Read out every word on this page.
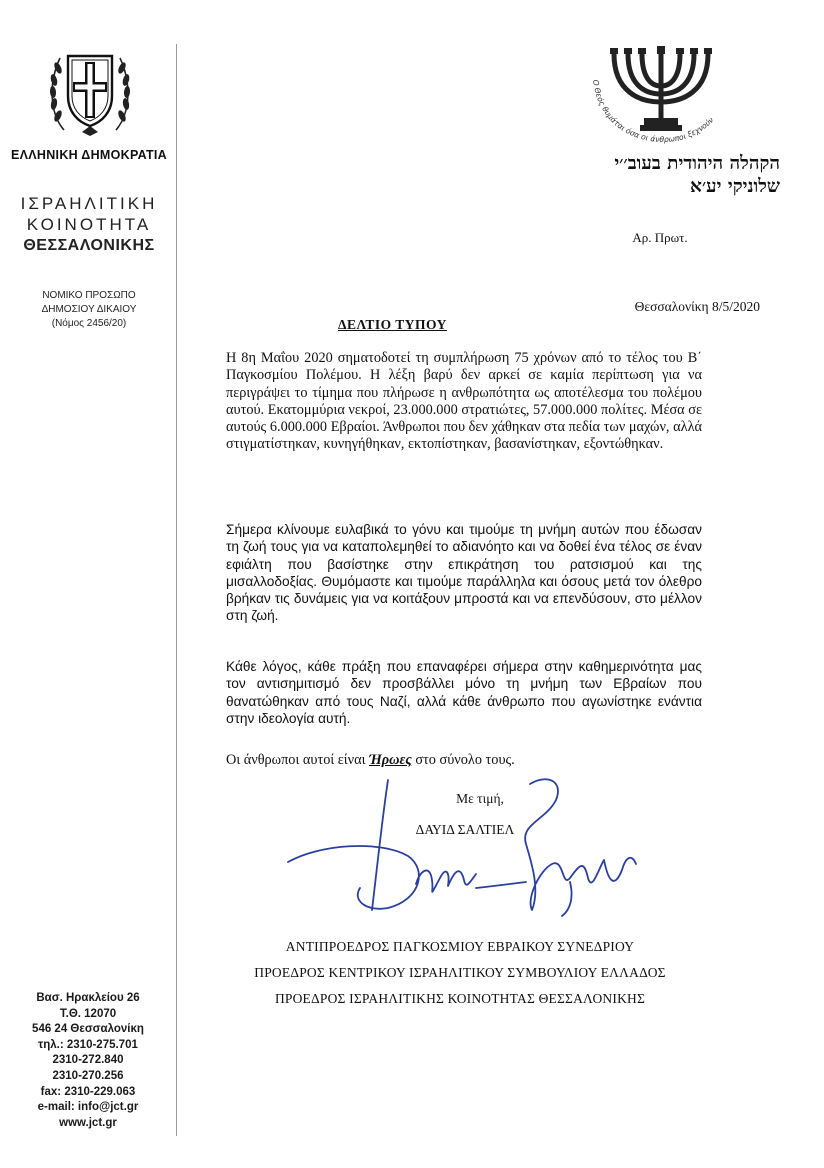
ΕΛΛΗΝΙΚΗ ΔΗΜΟΚΡΑΤΙΑ
ΙΣΡΑΗΛΙΤΙΚΗ
ΚΟΙΝΟΤΗΤΑ
ΘΕΣΣΑΛΟΝΙΚΗΣ
ΝΟΜΙΚΟ ΠΡΟΣΩΠΟ
ΔΗΜΟΣΙΟΥ ΔΙΚΑΙΟΥ
(Νόμος 2456/20)
Βασ. Ηρακλείου 26
Τ.Θ. 12070
546 24 Θεσσαλονίκη
τηλ.: 2310-275.701
2310-272.840
2310-270.256
fax: 2310-229.063
e-mail: info@jct.gr
www.jct.gr
Ο Θεός θυμάται όσα οι άνθρωποι ξεχνούν
הקהלה היהודית בעוב׳׳י
שלוניקי יע׳א
Αρ. Πρωτ.
Θεσσαλονίκη 8/5/2020
ΔΕΛΤΙΟ ΤΥΠΟΥ
Η 8η Μαΐου 2020 σηματοδοτεί τη συμπλήρωση 75 χρόνων από το τέλος του Β΄ Παγκοσμίου Πολέμου. Η λέξη βαρύ δεν αρκεί σε καμία περίπτωση για να περιγράψει το τίμημα που πλήρωσε η ανθρωπότητα ως αποτέλεσμα του πολέμου αυτού. Εκατομμύρια νεκροί, 23.000.000 στρατιώτες, 57.000.000 πολίτες. Μέσα σε αυτούς 6.000.000 Εβραίοι. Άνθρωποι που δεν χάθηκαν στα πεδία των μαχών, αλλά στιγματίστηκαν, κυνηγήθηκαν, εκτοπίστηκαν, βασανίστηκαν, εξοντώθηκαν.
Σήμερα κλίνουμε ευλαβικά το γόνυ και τιμούμε τη μνήμη αυτών που έδωσαν τη ζωή τους για να καταπολεμηθεί το αδιανόητο και να δοθεί ένα τέλος σε έναν εφιάλτη που βασίστηκε στην επικράτηση του ρατσισμού και της μισαλλοδοξίας. Θυμόμαστε και τιμούμε παράλληλα και όσους μετά τον όλεθρο βρήκαν τις δυνάμεις για να κοιτάξουν μπροστά και να επενδύσουν, στο μέλλον στη ζωή.
Κάθε λόγος, κάθε πράξη που επαναφέρει σήμερα στην καθημερινότητα μας τον αντισημιτισμό δεν προσβάλλει μόνο τη μνήμη των Εβραίων που θανατώθηκαν από τους Ναζί, αλλά κάθε άνθρωπο που αγωνίστηκε ενάντια στην ιδεολογία αυτή.
Οι άνθρωποι αυτοί είναι Ήρωες στο σύνολο τους.
Με τιμή,
ΔΑΥΙΔ ΣΑΛΤΙΕΛ
ΑΝΤΙΠΡΟΕΔΡΟΣ ΠΑΓΚΟΣΜΙΟΥ ΕΒΡΑΙΚΟΥ ΣΥΝΕΔΡΙΟΥ
ΠΡΟΕΔΡΟΣ ΚΕΝΤΡΙΚΟΥ ΙΣΡΑΗΛΙΤΙΚΟΥ ΣΥΜΒΟΥΛΙΟΥ ΕΛΛΑΔΟΣ
ΠΡΟΕΔΡΟΣ ΙΣΡΑΗΛΙΤΙΚΗΣ ΚΟΙΝΟΤΗΤΑΣ ΘΕΣΣΑΛΟΝΙΚΗΣ
